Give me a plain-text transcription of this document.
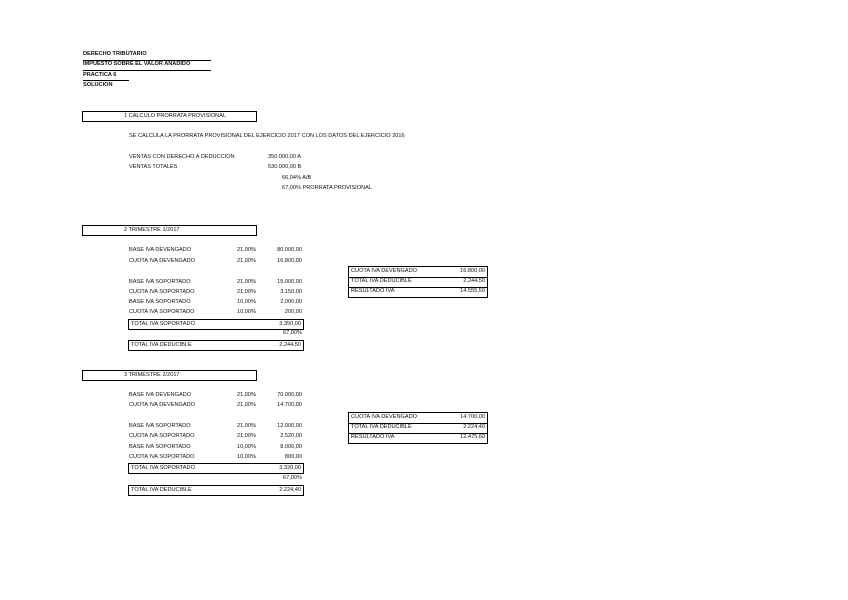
DERECHO TRIBUTARIO
IMPUESTO SOBRE EL VALOR AÑADIDO
PRACTICA 6
SOLUCION
1 CALCULO PRORRATA PROVISIONAL
SE CALCULA LA PRORRATA PROVISIONAL DEL EJERCICIO 2017 CON LOS DATOS DEL EJERCICIO 2016
VENTAS CON DERECHO A DEDUCCION	350.000,00 A
VENTAS TOTALES	530.000,00 B
66,04% A/B
67,00% PRORRATA PROVISIONAL
2 TRIMESTRE 1/2017
BASE IVA DEVENGADO	21,00%	80.000,00
CUOTA IVA DEVENGADO	21,00%	16.800,00
BASE IVA SOPORTADO	21,00%	15.000,00
CUOTA IVA SOPORTADO	21,00%	3.150,00
BASE IVA SOPORTADO	10,00%	2.000,00
CUOTA IVA SOPORTADO	10,00%	200,00
TOTAL IVA SOPORTADO	3.350,00
67,00%
TOTAL IVA DEDUCIBLE	2.244,50
CUOTA IVA DEVENGADO	16.800,00
TOTAL IVA DEDUCIBLE	2.244,50
RESULTADO IVA	14.555,50
3 TRIMESTRE 2/2017
BASE IVA DEVENGADO	21,00%	70.000,00
CUOTA IVA DEVENGADO	21,00%	14.700,00
BASE IVA SOPORTADO	21,00%	12.000,00
CUOTA IVA SOPORTADO	21,00%	2.520,00
BASE IVA SOPORTADO	10,00%	8.000,00
CUOTA IVA SOPORTADO	10,00%	800,00
TOTAL IVA SOPORTADO	3.320,00
67,00%
TOTAL IVA DEDUCIBLE	2.224,40
CUOTA IVA DEVENGADO	14.700,00
TOTAL IVA DEDUCIBLE	2.224,40
RESULTADO IVA	12.475,60
